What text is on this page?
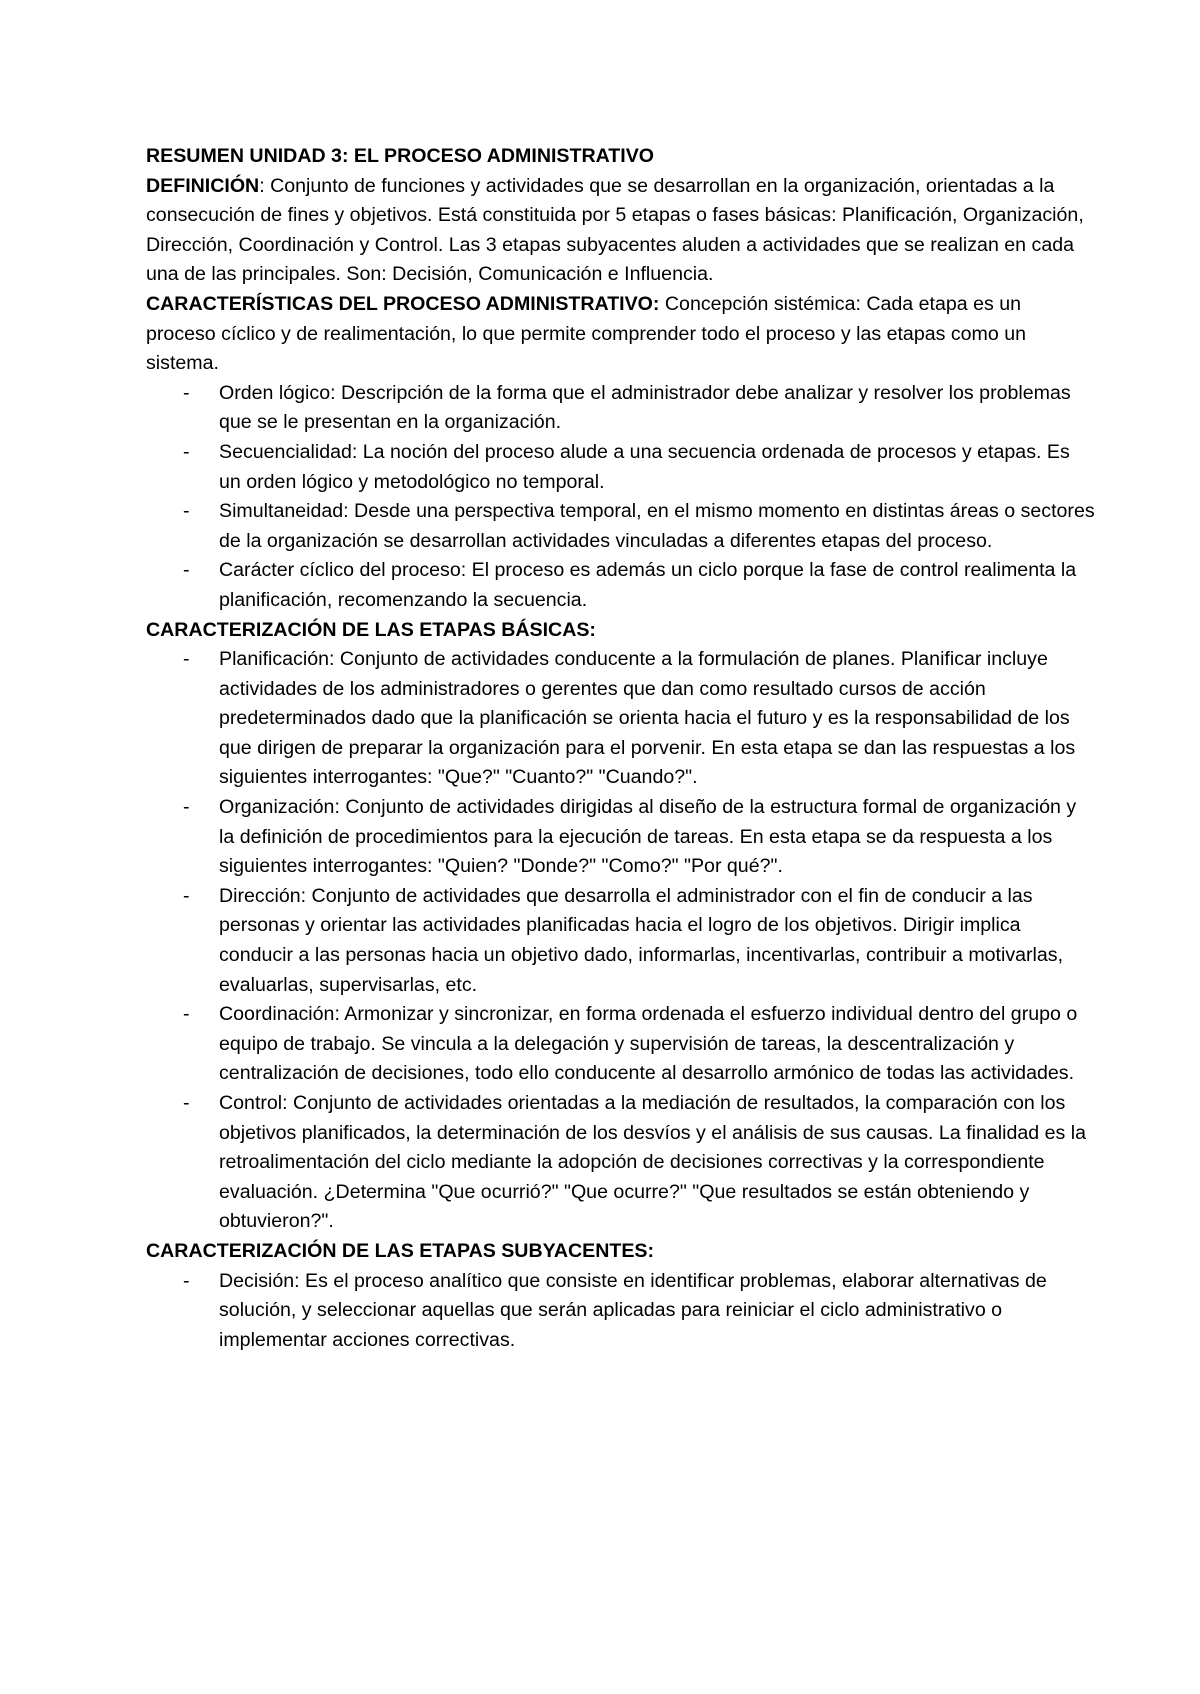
RESUMEN UNIDAD 3: EL PROCESO ADMINISTRATIVO

DEFINICIÓN: Conjunto de funciones y actividades que se desarrollan en la organización, orientadas a la consecución de fines y objetivos. Está constituida por 5 etapas o fases básicas: Planificación, Organización, Dirección, Coordinación y Control. Las 3 etapas subyacentes aluden a actividades que se realizan en cada una de las principales. Son: Decisión, Comunicación e Influencia.

CARACTERÍSTICAS DEL PROCESO ADMINISTRATIVO: Concepción sistémica: Cada etapa es un proceso cíclico y de realimentación, lo que permite comprender todo el proceso y las etapas como un sistema.

- Orden lógico: Descripción de la forma que el administrador debe analizar y resolver los problemas que se le presentan en la organización.
- Secuencialidad: La noción del proceso alude a una secuencia ordenada de procesos y etapas. Es un orden lógico y metodológico no temporal.
- Simultaneidad: Desde una perspectiva temporal, en el mismo momento en distintas áreas o sectores de la organización se desarrollan actividades vinculadas a diferentes etapas del proceso.
- Carácter cíclico del proceso: El proceso es además un ciclo porque la fase de control realimenta la planificación, recomenzando la secuencia.

CARACTERIZACIÓN DE LAS ETAPAS BÁSICAS:

- Planificación: Conjunto de actividades conducente a la formulación de planes. Planificar incluye actividades de los administradores o gerentes que dan como resultado cursos de acción predeterminados dado que la planificación se orienta hacia el futuro y es la responsabilidad de los que dirigen de preparar la organización para el porvenir. En esta etapa se dan las respuestas a los siguientes interrogantes: "Que?" "Cuanto?" "Cuando?".
- Organización: Conjunto de actividades dirigidas al diseño de la estructura formal de organización y la definición de procedimientos para la ejecución de tareas. En esta etapa se da respuesta a los siguientes interrogantes: "Quien? "Donde?" "Como?" "Por qué?".
- Dirección: Conjunto de actividades que desarrolla el administrador con el fin de conducir a las personas y orientar las actividades planificadas hacia el logro de los objetivos. Dirigir implica conducir a las personas hacia un objetivo dado, informarlas, incentivarlas, contribuir a motivarlas, evaluarlas, supervisarlas, etc.
- Coordinación: Armonizar y sincronizar, en forma ordenada el esfuerzo individual dentro del grupo o equipo de trabajo. Se vincula a la delegación y supervisión de tareas, la descentralización y centralización de decisiones, todo ello conducente al desarrollo armónico de todas las actividades.
- Control: Conjunto de actividades orientadas a la mediación de resultados, la comparación con los objetivos planificados, la determinación de los desvíos y el análisis de sus causas. La finalidad es la retroalimentación del ciclo mediante la adopción de decisiones correctivas y la correspondiente evaluación. ¿Determina "Que ocurrió?" "Que ocurre?" "Que resultados se están obteniendo y obtuvieron?".

CARACTERIZACIÓN DE LAS ETAPAS SUBYACENTES:

- Decisión: Es el proceso analítico que consiste en identificar problemas, elaborar alternativas de solución, y seleccionar aquellas que serán aplicadas para reiniciar el ciclo administrativo o implementar acciones correctivas.
